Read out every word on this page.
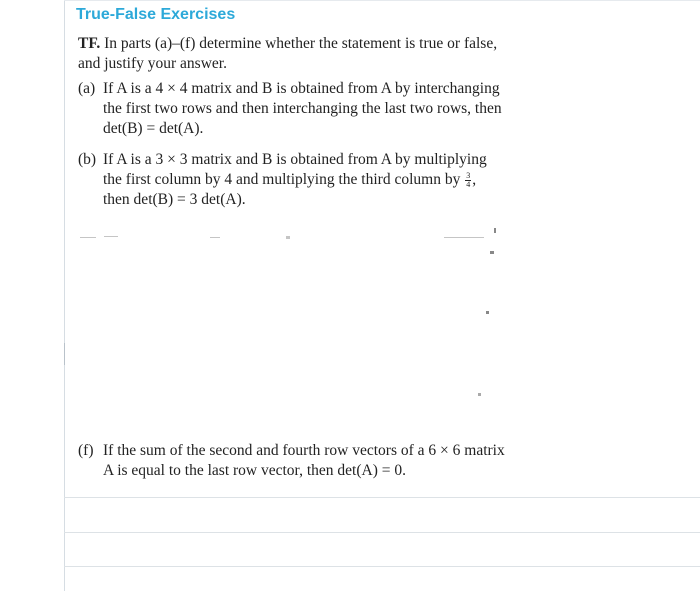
True-False Exercises

TF. In parts (a)–(f) determine whether the statement is true or false, and justify your answer.

(a) If A is a 4 × 4 matrix and B is obtained from A by interchanging the first two rows and then interchanging the last two rows, then det(B) = det(A).
(b) If A is a 3 × 3 matrix and B is obtained from A by multiplying the first column by 4 and multiplying the third column by $\frac{3}{4}$ , then det(B) = 3 det(A).
(f) If the sum of the second and fourth row vectors of a 6 × 6 matrix A is equal to the last row vector, then det(A) = 0.
